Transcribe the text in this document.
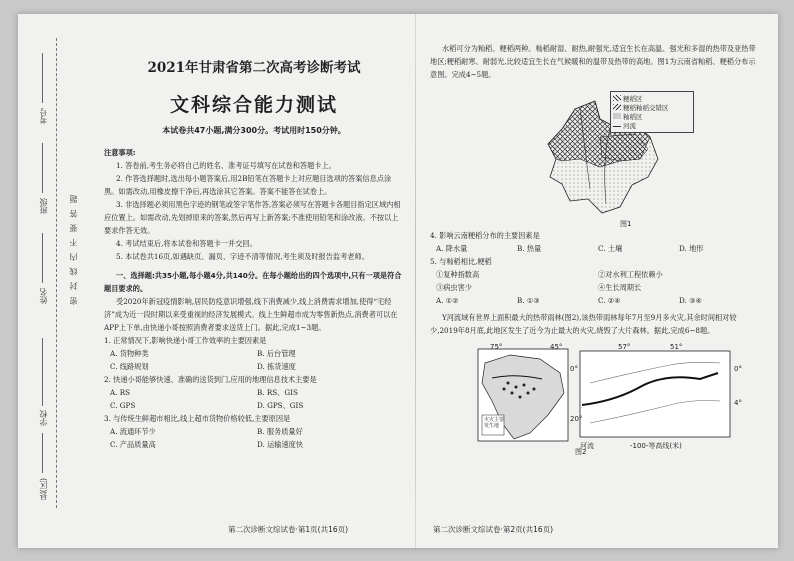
考号
班级
姓名
学校
县(区)
密 封 线 内 不 要 答 题

2021年甘肃省第二次高考诊断考试

文科综合能力测试

本试卷共47小题,满分300分。考试用时150分钟。

注意事项:

1. 答卷前,考生务必将自己的姓名、准考证号填写在试卷和答题卡上。

2. 作答选择题时,选出每小题答案后,用2B铅笔在答题卡上对应题目选项的答案信息点涂黑。如需改动,用橡皮擦干净后,再选涂其它答案。答案不能答在试卷上。

3. 非选择题必须用黑色字迹的钢笔或签字笔作答,答案必须写在答题卡各题目指定区域内相应位置上。如需改动,先划掉原来的答案,然后再写上新答案;不准使用铅笔和涂改液。不按以上要求作答无效。

4. 考试结束后,将本试卷和答题卡一并交回。

5. 本试卷共16页,如遇缺页、漏页、字迹不清等情况,考生须及时报告监考老师。

一、选择题:共35小题,每小题4分,共140分。在每小题给出的四个选项中,只有一项是符合题目要求的。

受2020年新冠疫情影响,居民防疫意识增强,线下消费减少,线上消费需求增加,使得“宅经济”成为近一段时期以来受重视的经济发展模式。线上生鲜超市成为零售新热点,消费者可以在APP上下单,由快递小哥按照消费者要求送货上门。据此,完成1~3题。

1. 正常情况下,影响快递小哥工作效率的主要因素是

A. 货物种类	B. 后台管理
C. 线路规划	D. 拣货速度

2. 快递小哥能够快速、准确的送货到门,应用的地理信息技术主要是

A. RS	B. RS、GIS
C. GPS	D. GPS、GIS

3. 与传统生鲜超市相比,线上超市货物价格较低,主要原因是

A. 流通环节少	B. 服务质量好
C. 产品质量高	D. 运输速度快
第二次诊断文综试卷·第1页(共16页)

水稻可分为籼稻、粳稻两种。籼稻耐湿、耐热,耐强光,适宜生长在高温、强光和多湿的热带及亚热带地区;粳稻耐寒、耐弱光,比较适宜生长在气候暖和的温带及热带的高地。图1为云南省籼稻、粳稻分布示意图。完成4~5题。

粳稻区
粳稻籼稻交错区
籼稻区
河流
图1

4. 影响云南粳稻分布的主要因素是

A. 降水量	B. 热量	C. 土壤	D. 地形

5. 与籼稻相比,粳稻

①复种指数高	②对水利工程依赖小
③病虫害少	④生长周期长
A. ①②	B. ①③	C. ②④	D. ③④

Y河流域有世界上面积最大的热带雨林(图2),该热带雨林每年7月至9月多火灾,其余时间相对较少,2019年8月底,此地区发生了近今为止最大的火灾,烧毁了大片森林。据此,完成6~8题。

75°	45°
0°
20°
57°	51°
0°
4°
火灾主要发生地
河流	-100-等高线(米)
图2
第二次诊断文综试卷·第2页(共16页)
